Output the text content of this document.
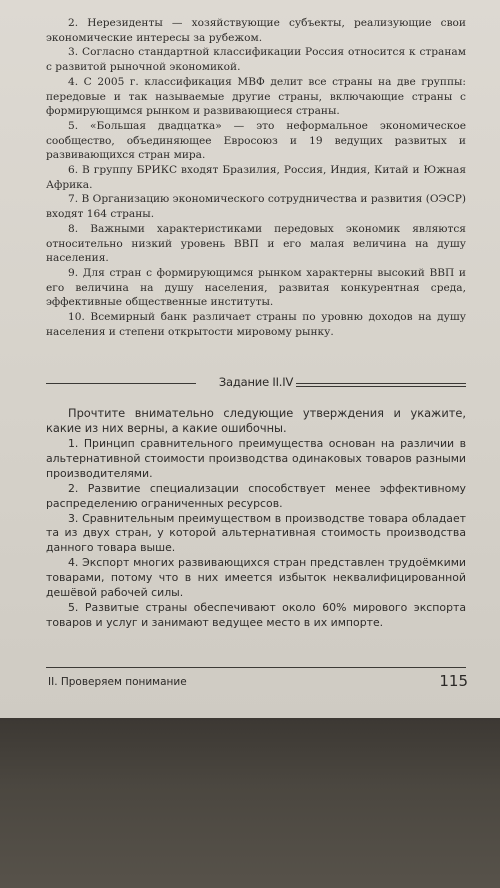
2. Нерезиденты — хозяйствующие субъекты, реализующие свои экономические интересы за рубежом.

3. Согласно стандартной классификации Россия относится к странам с развитой рыночной экономикой.

4. С 2005 г. классификация МВФ делит все страны на две группы: передовые и так называемые другие страны, включающие страны с формирующимся рынком и развивающиеся страны.

5. «Большая двадцатка» — это неформальное экономическое сообщество, объединяющее Евросоюз и 19 ведущих развитых и развивающихся стран мира.

6. В группу БРИКС входят Бразилия, Россия, Индия, Китай и Южная Африка.

7. В Организацию экономического сотрудничества и развития (ОЭСР) входят 164 страны.

8. Важными характеристиками передовых экономик являются относительно низкий уровень ВВП и его малая величина на душу населения.

9. Для стран с формирующимся рынком характерны высокий ВВП и его величина на душу населения, развитая конкурентная среда, эффективные общественные институты.

10. Всемирный банк различает страны по уровню доходов на душу населения и степени открытости мировому рынку.

Задание II.IV

Прочтите внимательно следующие утверждения и укажите, какие из них верны, а какие ошибочны.

1. Принцип сравнительного преимущества основан на различии в альтернативной стоимости производства одинаковых товаров разными производителями.

2. Развитие специализации способствует менее эффективному распределению ограниченных ресурсов.

3. Сравнительным преимуществом в производстве товара обладает та из двух стран, у которой альтернативная стоимость производства данного товара выше.

4. Экспорт многих развивающихся стран представлен трудоёмкими товарами, потому что в них имеется избыток неквалифицированной дешёвой рабочей силы.

5. Развитые страны обеспечивают около 60% мирового экспорта товаров и услуг и занимают ведущее место в их импорте.

II. Проверяем понимание	115
